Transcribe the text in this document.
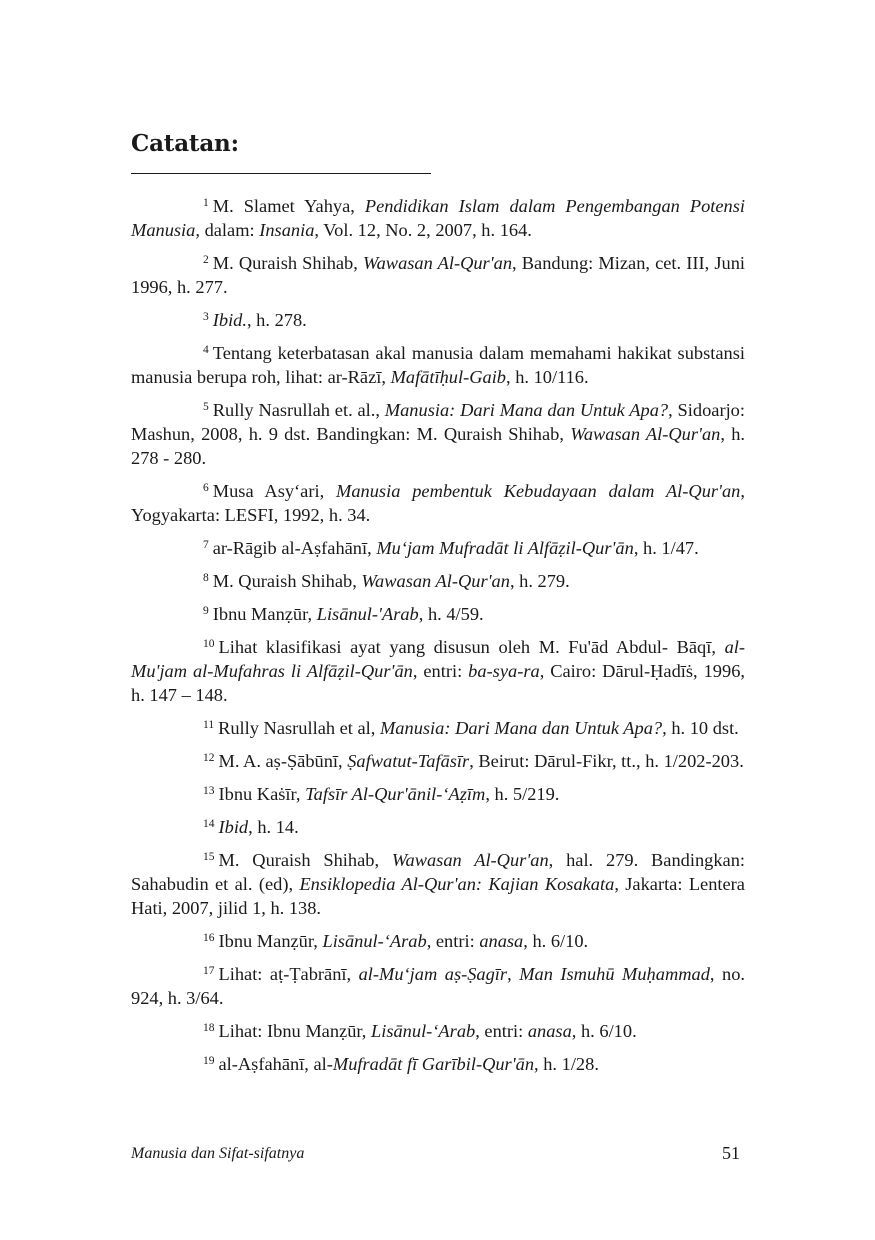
Catatan:

$^1$ M. Slamet Yahya, Pendidikan Islam dalam Pengembangan Potensi Manusia, dalam: Insania, Vol. 12, No. 2, 2007, h. 164.

$^2$ M. Quraish Shihab, Wawasan Al-Qur'an, Bandung: Mizan, cet. III, Juni 1996, h. 277.

$^3$ Ibid., h. 278.

$^4$ Tentang keterbatasan akal manusia dalam memahami hakikat substansi manusia berupa roh, lihat: ar-Rāzī, Mafātīḥul-Gaib, h. 10/116.

$^5$ Rully Nasrullah et. al., Manusia: Dari Mana dan Untuk Apa?, Sidoarjo: Mashun, 2008, h. 9 dst. Bandingkan: M. Quraish Shihab, Wawasan Al-Qur'an, h. 278 - 280.

$^6$ Musa Asy‘ari, Manusia pembentuk Kebudayaan dalam Al-Qur'an, Yogyakarta: LESFI, 1992, h. 34.

$^7$ ar-Rāgib al-Aṣfahānī, Mu‘jam Mufradāt li Alfāẓil-Qur'ān, h. 1/47.

$^8$ M. Quraish Shihab, Wawasan Al-Qur'an, h. 279.

$^9$ Ibnu Manẓūr, Lisānul-'Arab, h. 4/59.

$^{10}$ Lihat klasifikasi ayat yang disusun oleh M. Fu'ād Abdul- Bāqī, al-Mu'jam al-Mufahras li Alfāẓil-Qur'ān, entri: ba-sya-ra, Cairo: Dārul-Ḥadīṡ, 1996, h. 147 – 148.

$^{11}$ Rully Nasrullah et al, Manusia: Dari Mana dan Untuk Apa?, h. 10 dst.

$^{12}$ M. A. aṣ-Ṣābūnī, Ṣafwatut-Tafāsīr, Beirut: Dārul-Fikr, tt., h. 1/202-203.

$^{13}$ Ibnu Kaṡīr, Tafsīr Al-Qur'ānil-‘Aẓīm, h. 5/219.

$^{14}$ Ibid, h. 14.

$^{15}$ M. Quraish Shihab, Wawasan Al-Qur'an, hal. 279. Bandingkan: Sahabudin et al. (ed), Ensiklopedia Al-Qur'an: Kajian Kosakata, Jakarta: Lentera Hati, 2007, jilid 1, h. 138.

$^{16}$ Ibnu Manẓūr, Lisānul-‘Arab, entri: anasa, h. 6/10.

$^{17}$ Lihat: aṭ-Ṭabrānī, al-Mu‘jam aṣ-Ṣagīr, Man Ismuhū Muḥammad, no. 924, h. 3/64.

$^{18}$ Lihat: Ibnu Manẓūr, Lisānul-‘Arab, entri: anasa, h. 6/10.

$^{19}$ al-Aṣfahānī, al-Mufradāt fī Garībil-Qur'ān, h. 1/28.

Manusia dan Sifat-sifatnya	51
